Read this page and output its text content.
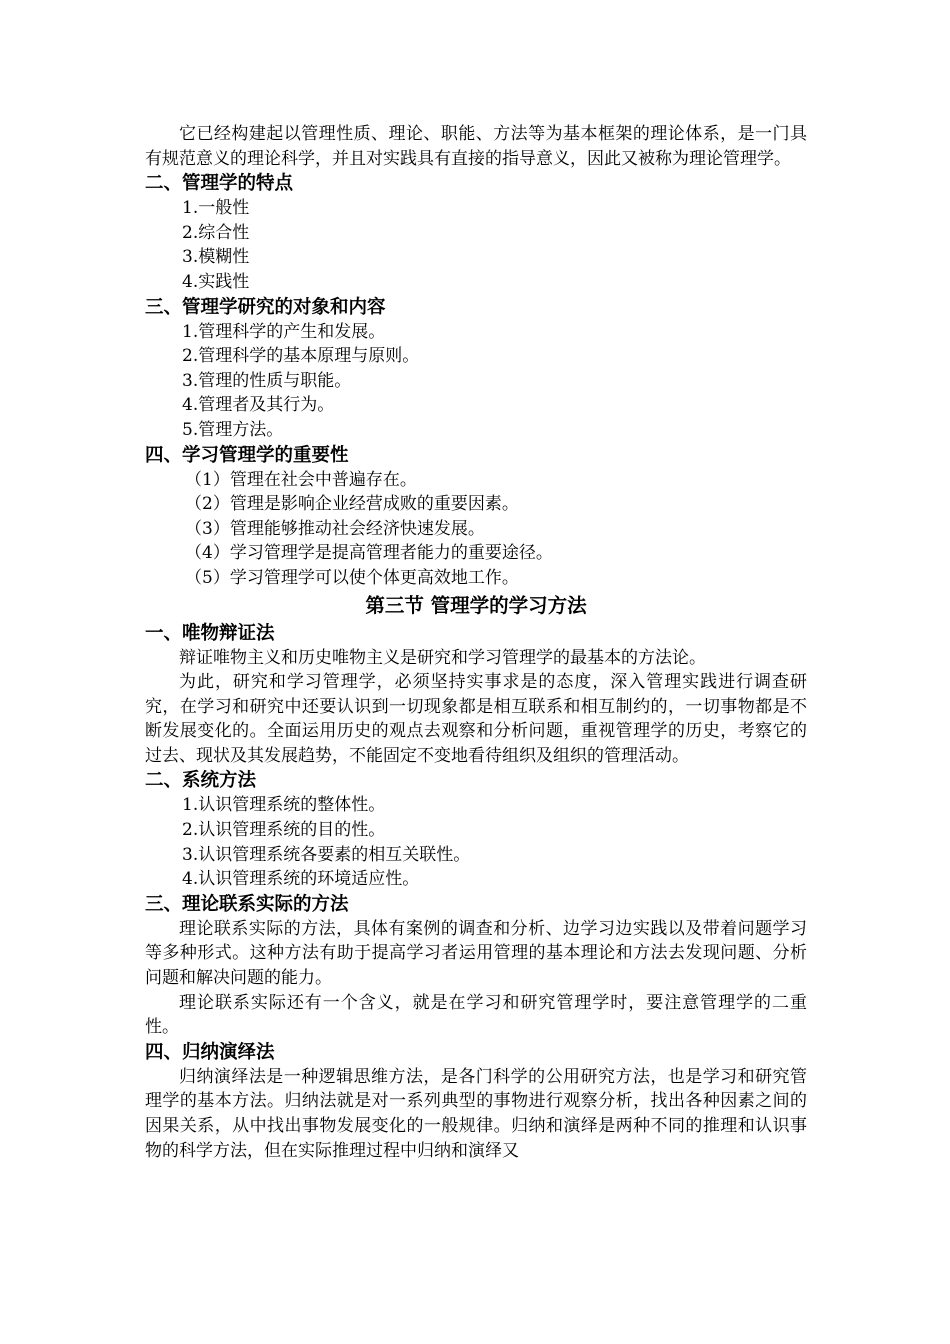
它已经构建起以管理性质、理论、职能、方法等为基本框架的理论体系，是一门具有规范意义的理论科学，并且对实践具有直接的指导意义，因此又被称为理论管理学。

二、管理学的特点
1.一般性
2.综合性
3.模糊性
4.实践性
三、管理学研究的对象和内容
1.管理科学的产生和发展。
2.管理科学的基本原理与原则。
3.管理的性质与职能。
4.管理者及其行为。
5.管理方法。
四、学习管理学的重要性
（1）管理在社会中普遍存在。
（2）管理是影响企业经营成败的重要因素。
（3）管理能够推动社会经济快速发展。
（4）学习管理学是提高管理者能力的重要途径。
（5）学习管理学可以使个体更高效地工作。
第三节 管理学的学习方法
一、唯物辩证法

辩证唯物主义和历史唯物主义是研究和学习管理学的最基本的方法论。

为此，研究和学习管理学，必须坚持实事求是的态度，深入管理实践进行调查研究，在学习和研究中还要认识到一切现象都是相互联系和相互制约的，一切事物都是不断发展变化的。全面运用历史的观点去观察和分析问题，重视管理学的历史，考察它的过去、现状及其发展趋势，不能固定不变地看待组织及组织的管理活动。

二、系统方法
1.认识管理系统的整体性。
2.认识管理系统的目的性。
3.认识管理系统各要素的相互关联性。
4.认识管理系统的环境适应性。
三、理论联系实际的方法

理论联系实际的方法，具体有案例的调查和分析、边学习边实践以及带着问题学习等多种形式。这种方法有助于提高学习者运用管理的基本理论和方法去发现问题、分析问题和解决问题的能力。

理论联系实际还有一个含义，就是在学习和研究管理学时，要注意管理学的二重性。

四、归纳演绎法

归纳演绎法是一种逻辑思维方法，是各门科学的公用研究方法，也是学习和研究管理学的基本方法。归纳法就是对一系列典型的事物进行观察分析，找出各种因素之间的因果关系，从中找出事物发展变化的一般规律。归纳和演绎是两种不同的推理和认识事物的科学方法，但在实际推理过程中归纳和演绎又
